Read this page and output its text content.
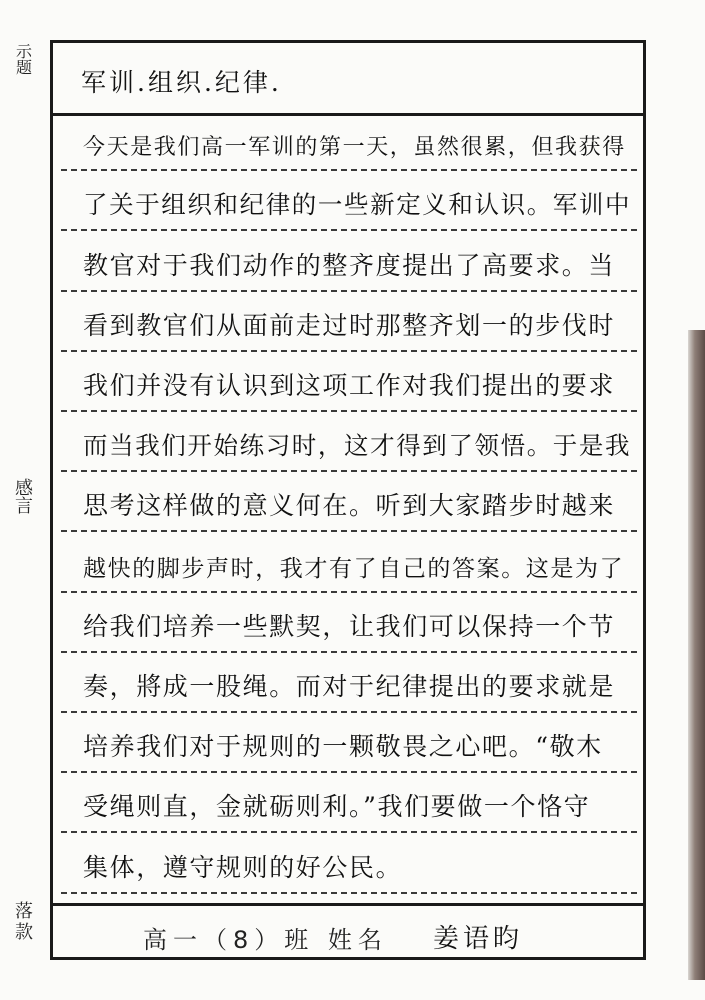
示
题
感
言
落
款
军训.组织.纪律.
今天是我们高一军训的第一天，虽然很累，但我获得
了关于组织和纪律的一些新定义和认识。军训中
教官对于我们动作的整齐度提出了高要求。当
看到教官们从面前走过时那整齐划一的步伐时
我们并没有认识到这项工作对我们提出的要求
而当我们开始练习时，这才得到了领悟。于是我
思考这样做的意义何在。听到大家踏步时越来
越快的脚步声时，我才有了自己的答案。这是为了
给我们培养一些默契，让我们可以保持一个节
奏，將成一股绳。而对于纪律提出的要求就是
培养我们对于规则的一颗敬畏之心吧。“敬木
受绳则直，金就砺则利。”我们要做一个恪守
集体，遵守规则的好公民。
高一（8）班 姓名 姜语昀
